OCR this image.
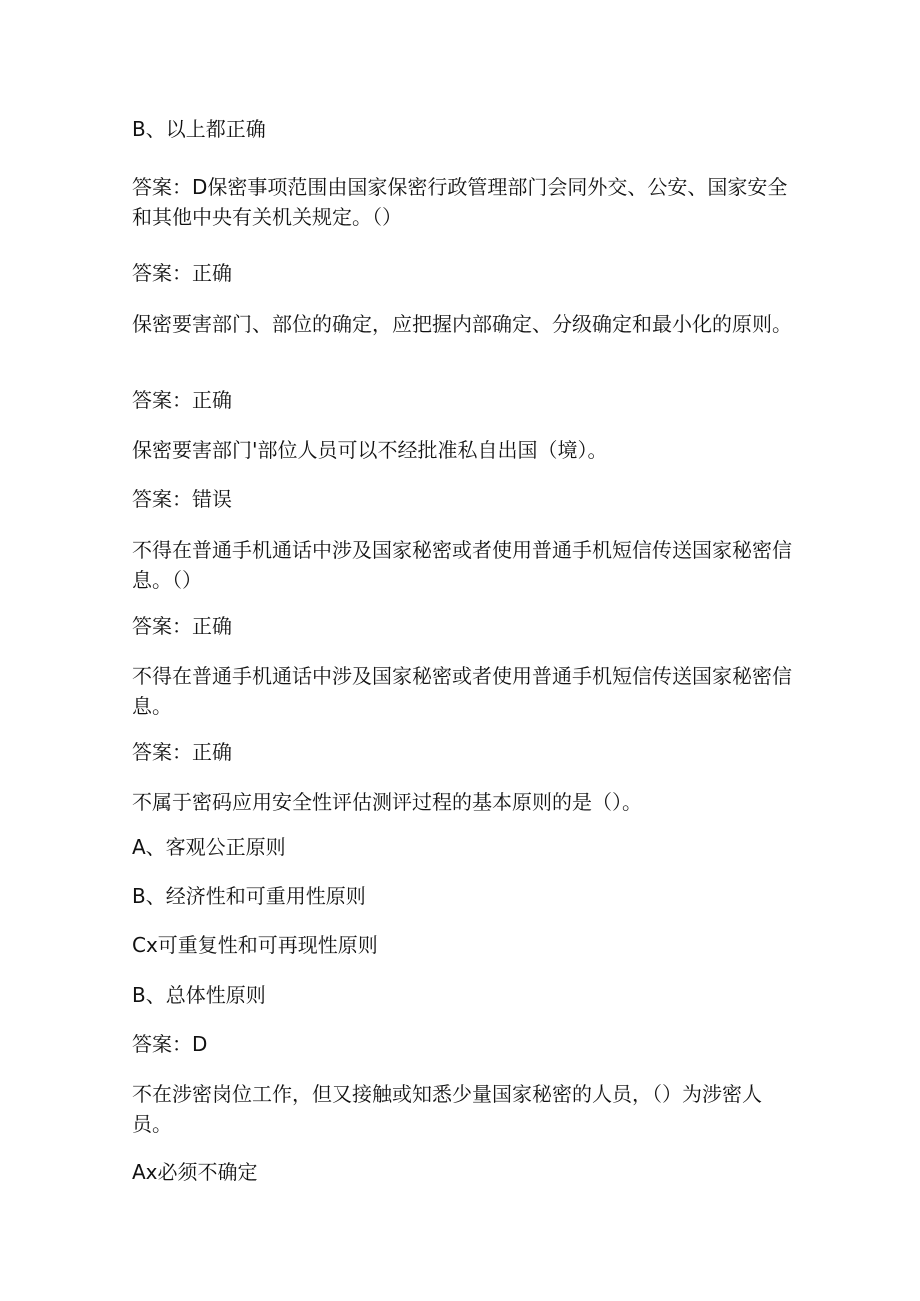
B、以上都正确
答案：D保密事项范围由国家保密行政管理部门会同外交、公安、国家安全和其他中央有关机关规定。（）
答案：正确
保密要害部门、部位的确定，应把握内部确定、分级确定和最小化的原则。
答案：正确
保密要害部门'部位人员可以不经批准私自出国（境）。
答案：错误
不得在普通手机通话中涉及国家秘密或者使用普通手机短信传送国家秘密信息。（）
答案：正确
不得在普通手机通话中涉及国家秘密或者使用普通手机短信传送国家秘密信息。
答案：正确
不属于密码应用安全性评估测评过程的基本原则的是（）。
A、客观公正原则
B、经济性和可重用性原则
Cx可重复性和可再现性原则
B、总体性原则
答案：D
不在涉密岗位工作，但又接触或知悉少量国家秘密的人员，（）为涉密人员。
Ax必须不确定
